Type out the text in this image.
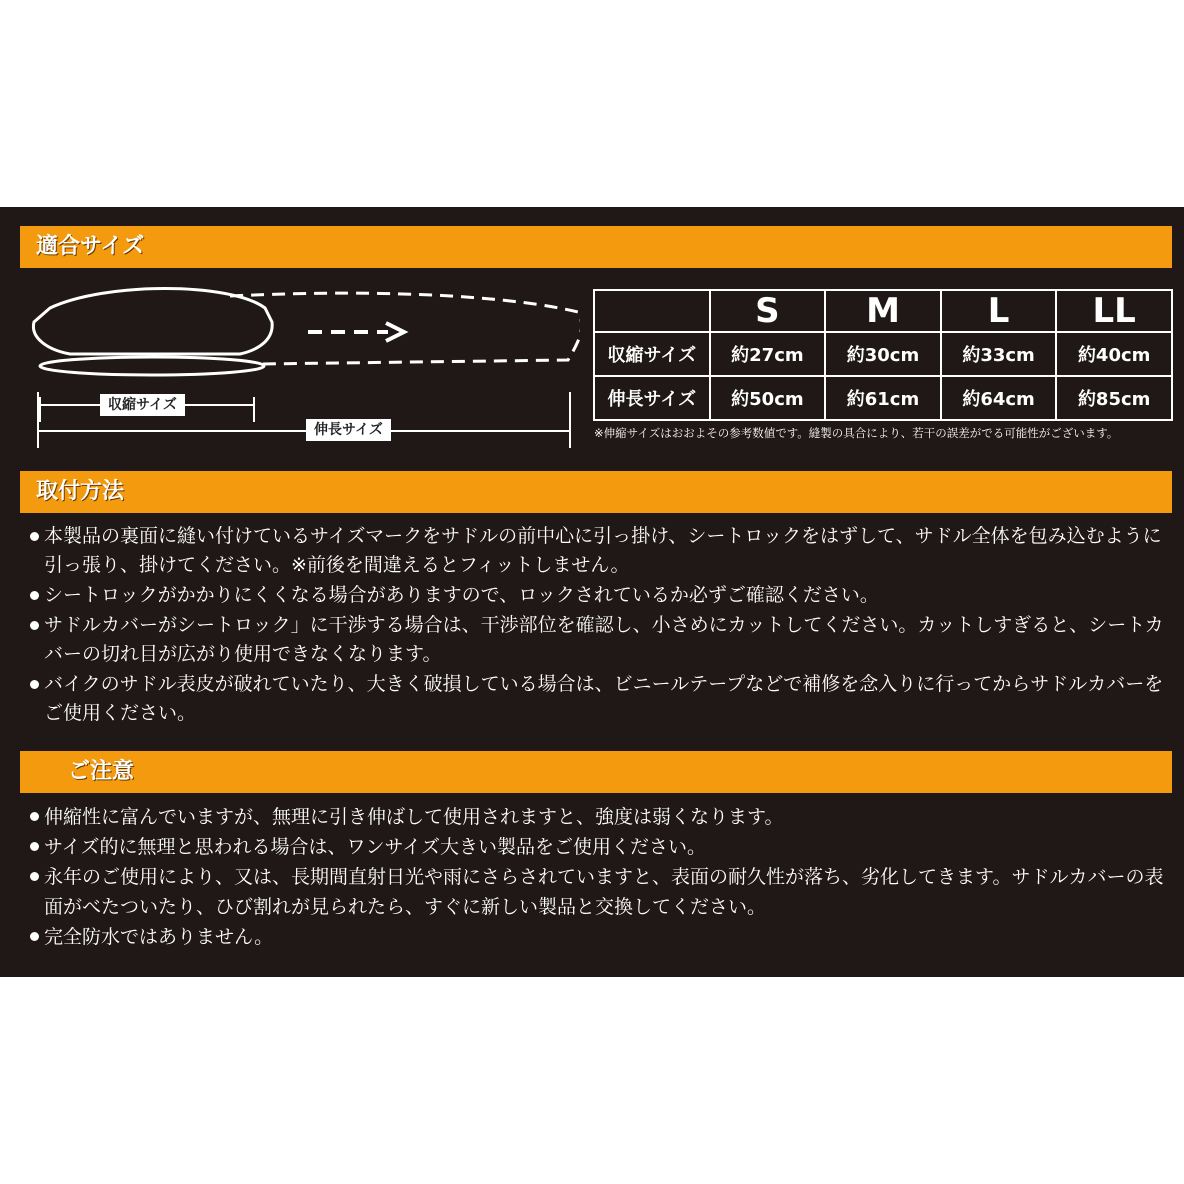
適合サイズ
収縮サイズ
伸長サイズ
	S	M	L	LL
収縮サイズ	約27cm	約30cm	約33cm	約40cm
伸長サイズ	約50cm	約61cm	約64cm	約85cm
※伸縮サイズはおおよその参考数値です。縫製の具合により、若干の誤差がでる可能性がございます。
取付方法
本製品の裏面に縫い付けているサイズマークをサドルの前中心に引っ掛け、シートロックをはずして、サドル全体を包み込むように引っ張り、掛けてください。※前後を間違えるとフィットしません。
シートロックがかかりにくくなる場合がありますので、ロックされているか必ずご確認ください。
サドルカバーがシートロック」に干渉する場合は、干渉部位を確認し、小さめにカットしてください。カットしすぎると、シートカバーの切れ目が広がり使用できなくなります。
バイクのサドル表皮が破れていたり、大きく破損している場合は、ビニールテープなどで補修を念入りに行ってからサドルカバーをご使用ください。
ご注意
伸縮性に富んでいますが、無理に引き伸ばして使用されますと、強度は弱くなります。
サイズ的に無理と思われる場合は、ワンサイズ大きい製品をご使用ください。
永年のご使用により、又は、長期間直射日光や雨にさらされていますと、表面の耐久性が落ち、劣化してきます。サドルカバーの表面がべたついたり、ひび割れが見られたら、すぐに新しい製品と交換してください。
完全防水ではありません。
